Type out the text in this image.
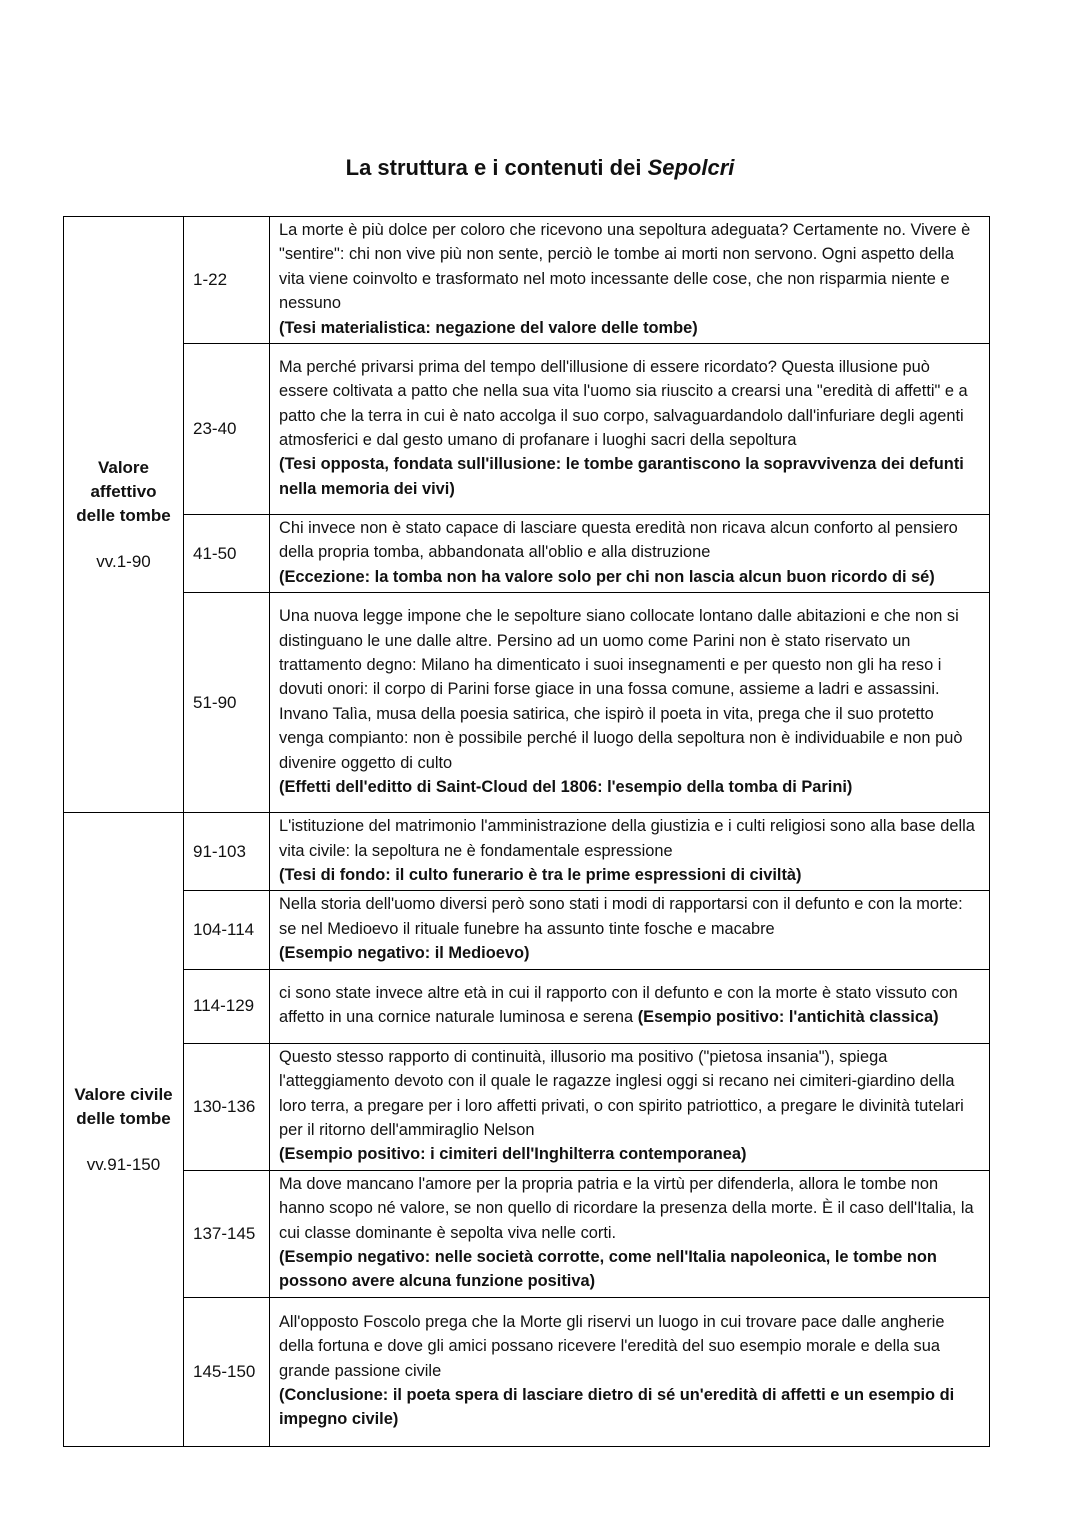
La struttura e i contenuti dei Sepolcri
Valore affettivo delle tombe
vv.1-90	1-22	La morte è più dolce per coloro che ricevono una sepoltura adeguata? Certamente no. Vivere è "sentire": chi non vive più non sente, perciò le tombe ai morti non servono. Ogni aspetto della vita viene coinvolto e trasformato nel moto incessante delle cose, che non risparmia niente e nessuno
(Tesi materialistica: negazione del valore delle tombe)
	23-40	Ma perché privarsi prima del tempo dell'illusione di essere ricordato? Questa illusione può essere coltivata a patto che nella sua vita l'uomo sia riuscito a crearsi una "eredità di affetti" e a patto che la terra in cui è nato accolga il suo corpo, salvaguardandolo dall'infuriare degli agenti atmosferici e dal gesto umano di profanare i luoghi sacri della sepoltura
(Tesi opposta, fondata sull'illusione: le tombe garantiscono la sopravvivenza dei defunti nella memoria dei vivi)
	41-50	Chi invece non è stato capace di lasciare questa eredità non ricava alcun conforto al pensiero della propria tomba, abbandonata all'oblio e alla distruzione
(Eccezione: la tomba non ha valore solo per chi non lascia alcun buon ricordo di sé)
	51-90	Una nuova legge impone che le sepolture siano collocate lontano dalle abitazioni e che non si distinguano le une dalle altre. Persino ad un uomo come Parini non è stato riservato un trattamento degno: Milano ha dimenticato i suoi insegnamenti e per questo non gli ha reso i dovuti onori: il corpo di Parini forse giace in una fossa comune, assieme a ladri e assassini. Invano Talìa, musa della poesia satirica, che ispirò il poeta in vita, prega che il suo protetto venga compianto: non è possibile perché il luogo della sepoltura non è individuabile e non può divenire oggetto di culto
(Effetti dell'editto di Saint-Cloud del 1806: l'esempio della tomba di Parini)

Valore civile delle tombe
vv.91-150	91-103	L'istituzione del matrimonio l'amministrazione della giustizia e i culti religiosi sono alla base della vita civile: la sepoltura ne è fondamentale espressione
(Tesi di fondo: il culto funerario è tra le prime espressioni di civiltà)
	104-114	Nella storia dell'uomo diversi però sono stati i modi di rapportarsi con il defunto e con la morte: se nel Medioevo il rituale funebre ha assunto tinte fosche e macabre
(Esempio negativo: il Medioevo)
	114-129	ci sono state invece altre età in cui il rapporto con il defunto e con la morte è stato vissuto con affetto in una cornice naturale luminosa e serena (Esempio positivo: l'antichità classica)
	130-136	Questo stesso rapporto di continuità, illusorio ma positivo ("pietosa insania"), spiega l'atteggiamento devoto con il quale le ragazze inglesi oggi si recano nei cimiteri-giardino della loro terra, a pregare per i loro affetti privati, o con spirito patriottico, a pregare le divinità tutelari per il ritorno dell'ammiraglio Nelson
(Esempio positivo: i cimiteri dell'Inghilterra contemporanea)
	137-145	Ma dove mancano l'amore per la propria patria e la virtù per difenderla, allora le tombe non hanno scopo né valore, se non quello di ricordare la presenza della morte. È il caso dell'Italia, la cui classe dominante è sepolta viva nelle corti.
(Esempio negativo: nelle società corrotte, come nell'Italia napoleonica, le tombe non possono avere alcuna funzione positiva)
	145-150	All'opposto Foscolo prega che la Morte gli riservi un luogo in cui trovare pace dalle angherie della fortuna e dove gli amici possano ricevere l'eredità del suo esempio morale e della sua grande passione civile
(Conclusione: il poeta spera di lasciare dietro di sé un'eredità di affetti e un esempio di impegno civile)
